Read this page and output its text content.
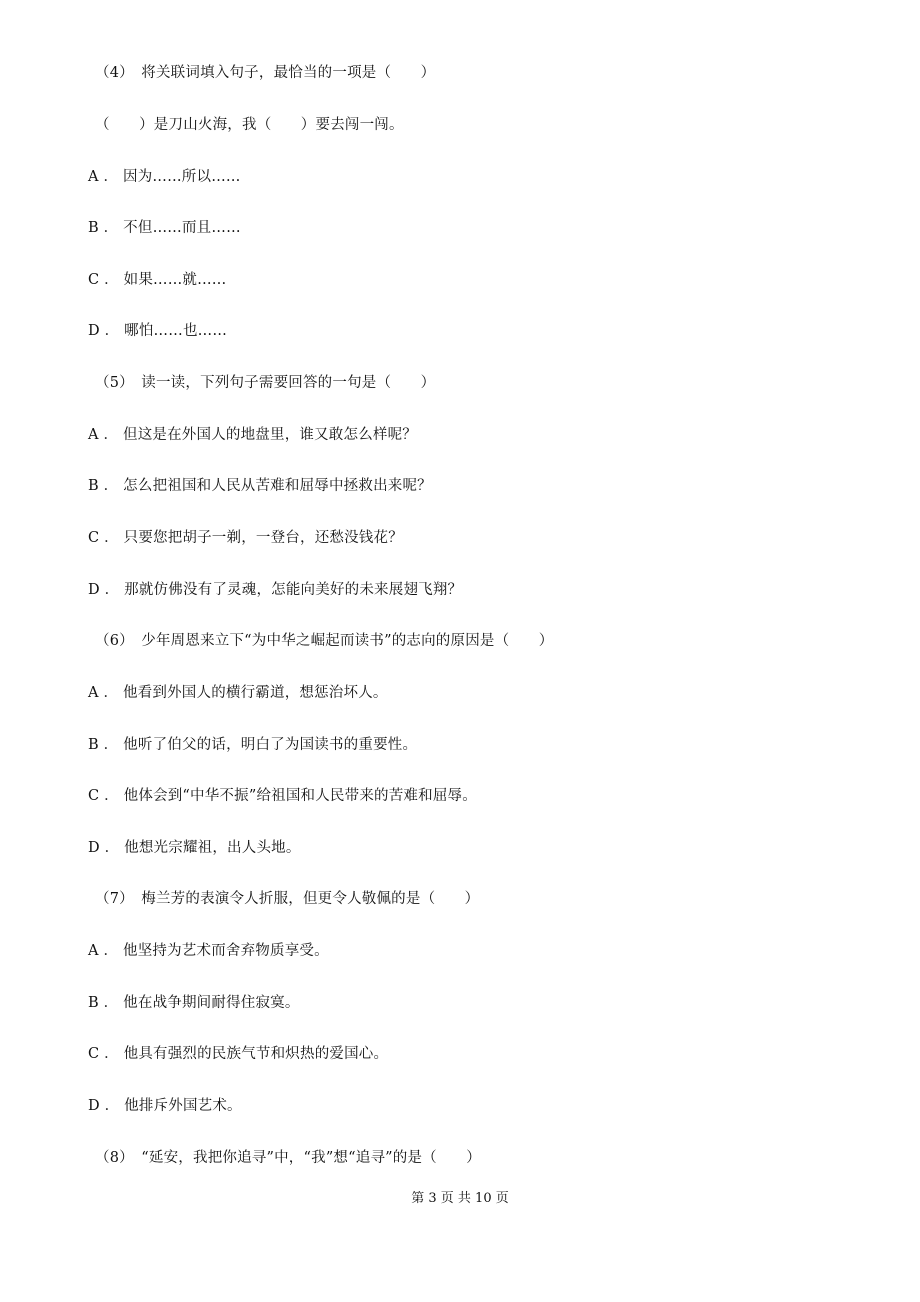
（4）　将关联词填入句子，最恰当的一项是（　　）
（　　）是刀山火海，我（　　）要去闯一闯。
A ． 因为……所以……
B ． 不但……而且……
C ． 如果……就……
D ． 哪怕……也……
（5）　读一读，下列句子需要回答的一句是（　　）
A ． 但这是在外国人的地盘里，谁又敢怎么样呢？
B ． 怎么把祖国和人民从苦难和屈辱中拯救出来呢？
C ． 只要您把胡子一剃，一登台，还愁没钱花？
D ． 那就仿佛没有了灵魂，怎能向美好的未来展翅飞翔？
（6）　少年周恩来立下“为中华之崛起而读书”的志向的原因是（　　）
A ． 他看到外国人的横行霸道，想惩治坏人。
B ． 他听了伯父的话，明白了为国读书的重要性。
C ． 他体会到“中华不振”给祖国和人民带来的苦难和屈辱。
D ． 他想光宗耀祖，出人头地。
（7）　梅兰芳的表演令人折服，但更令人敬佩的是（　　）
A ． 他坚持为艺术而舍弃物质享受。
B ． 他在战争期间耐得住寂寞。
C ． 他具有强烈的民族气节和炽热的爱国心。
D ． 他排斥外国艺术。
（8）　“延安，我把你追寻”中，“我”想“追寻”的是（　　）
第 3 页 共 10 页
